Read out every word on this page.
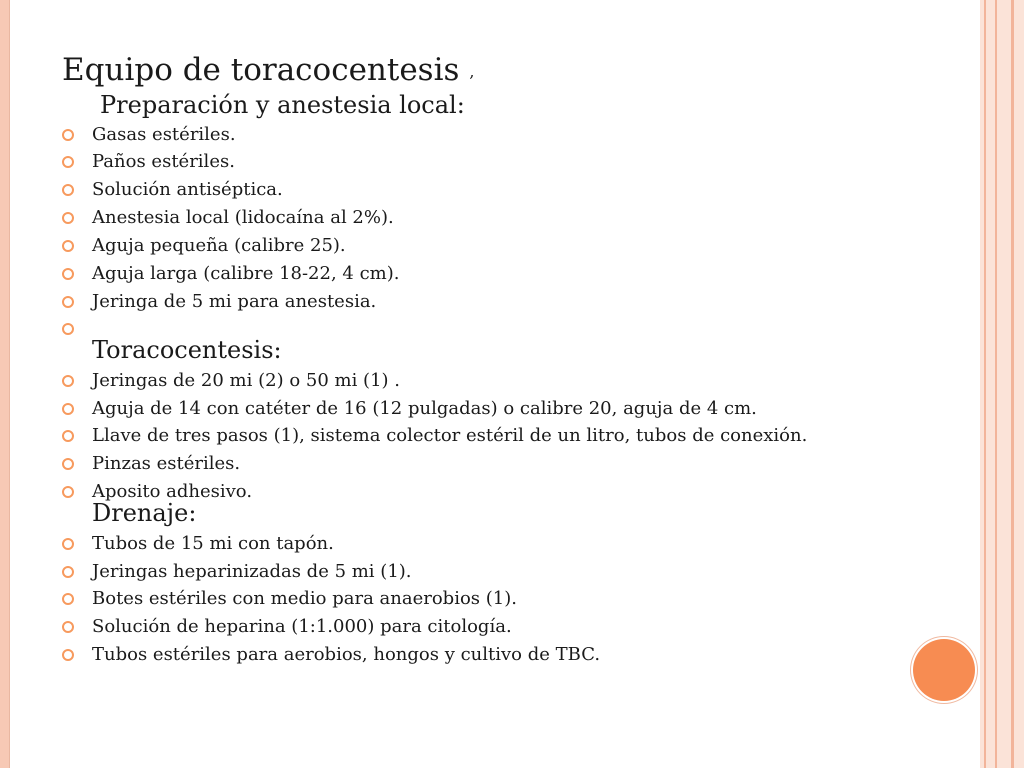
Equipo de toracocentesis ,
Preparación y anestesia local:
Gasas estériles.
Paños estériles.
Solución antiséptica.
Anestesia local (lidocaína al 2%).
Aguja pequeña (calibre 25).
Aguja larga (calibre 18-22, 4 cm).
Jeringa de 5 mi para anestesia.
Jeringas de 20 mi (2) o 50 mi (1) .
Aguja de 14 con catéter de 16 (12 pulgadas) o calibre 20, aguja de 4 cm.
Llave de tres pasos (1), sistema colector estéril de un litro, tubos de conexión.
Pinzas estériles.
Aposito adhesivo.
Tubos de 15 mi con tapón.
Jeringas heparinizadas de 5 mi (1).
Botes estériles con medio para anaerobios (1).
Solución de heparina (1:1.000) para citología.
Tubos estériles para aerobios, hongos y cultivo de TBC.
Toracocentesis:
Drenaje:
